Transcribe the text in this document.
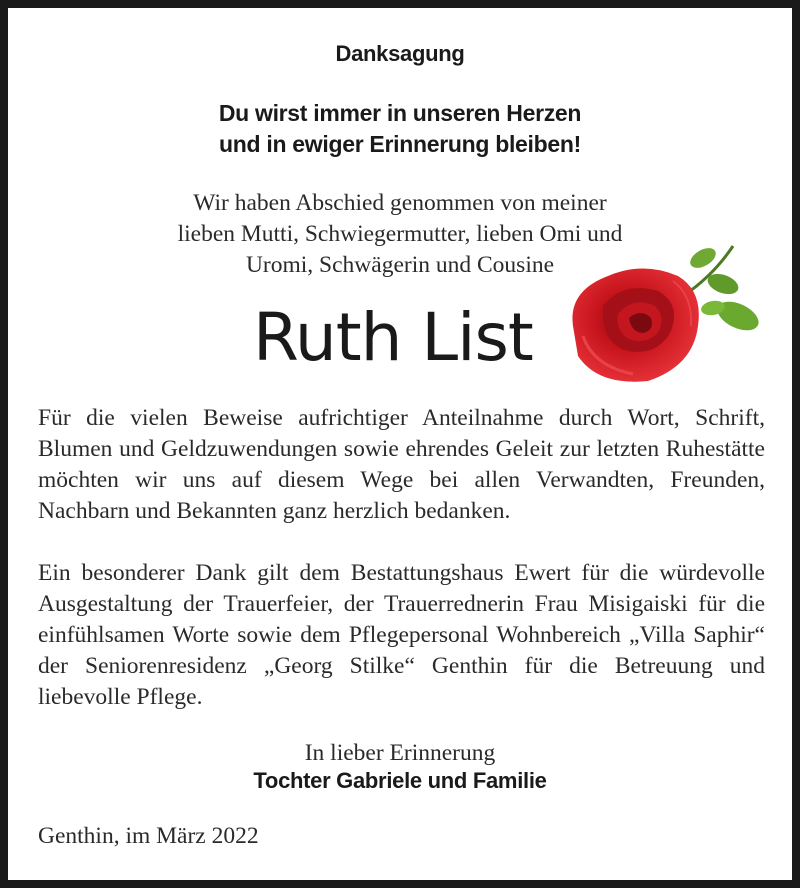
Danksagung
Du wirst immer in unseren Herzen
und in ewiger Erinnerung bleiben!
Wir haben Abschied genommen von meiner
lieben Mutti, Schwiegermutter, lieben Omi und
Uromi, Schwägerin und Cousine
Ruth List
Für die vielen Beweise aufrichtiger Anteilnahme durch Wort, Schrift, Blumen und Geldzuwendungen sowie ehrendes Geleit zur letzten Ruhestätte möchten wir uns auf diesem Wege bei allen Verwandten, Freunden, Nachbarn und Bekannten ganz herzlich bedanken.
Ein besonderer Dank gilt dem Bestattungshaus Ewert für die würdevolle Ausgestaltung der Trauerfeier, der Trauerrednerin Frau Misigaiski für die einfühlsamen Worte sowie dem Pflegepersonal Wohnbereich „Villa Saphir“ der Seniorenresidenz „Georg Stilke“ Genthin für die Betreuung und liebevolle Pflege.
In lieber Erinnerung
Tochter Gabriele und Familie
Genthin, im März 2022
